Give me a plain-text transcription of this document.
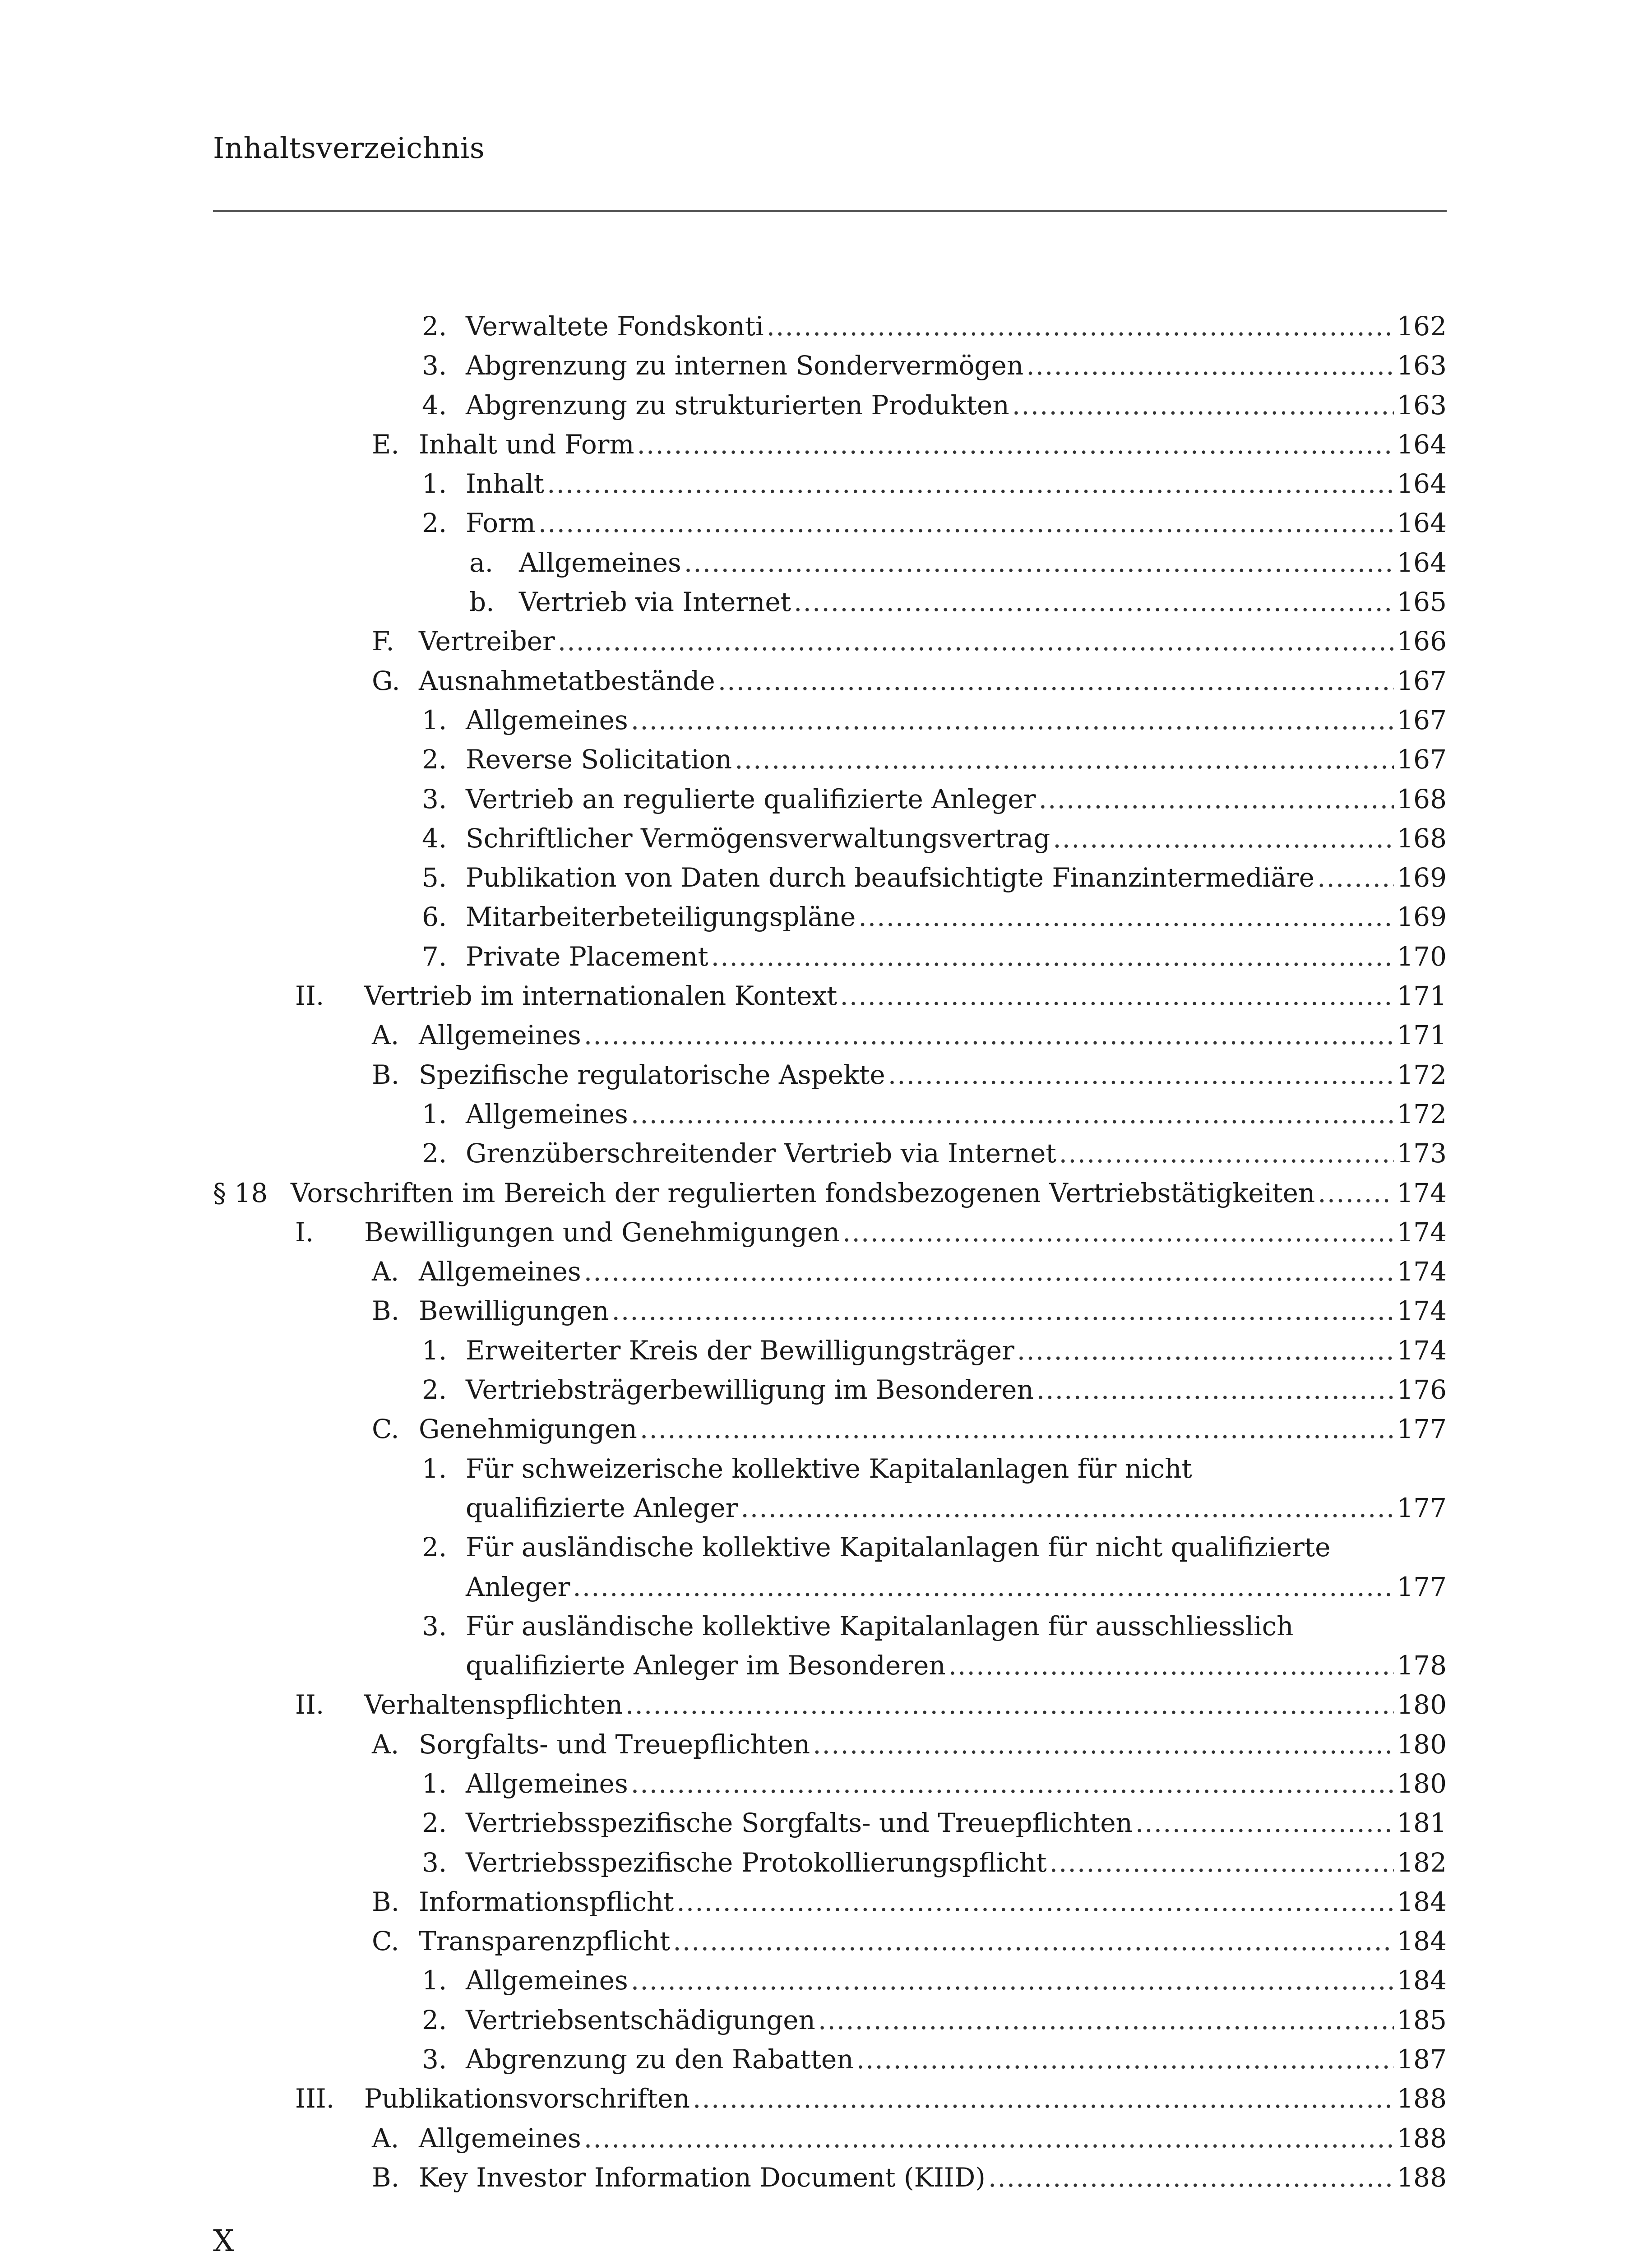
Inhaltsverzeichnis
2. Verwaltete Fondskonti .....	162
3. Abgrenzung zu internen Sondervermögen .....	163
4. Abgrenzung zu strukturierten Produkten .....	163
E. Inhalt und Form .....	164
1. Inhalt .....	164
2. Form .....	164
a. Allgemeines .....	164
b. Vertrieb via Internet .....	165
F. Vertreiber .....	166
G. Ausnahmetatbestände .....	167
1. Allgemeines .....	167
2. Reverse Solicitation .....	167
3. Vertrieb an regulierte qualifizierte Anleger .....	168
4. Schriftlicher Vermögensverwaltungsvertrag .....	168
5. Publikation von Daten durch beaufsichtigte Finanzintermediäre .....	169
6. Mitarbeiterbeteiligungspläne .....	169
7. Private Placement .....	170
II. Vertrieb im internationalen Kontext .....	171
A. Allgemeines .....	171
B. Spezifische regulatorische Aspekte .....	172
1. Allgemeines .....	172
2. Grenzüberschreitender Vertrieb via Internet .....	173
§ 18 Vorschriften im Bereich der regulierten fondsbezogenen Vertriebstätigkeiten .....	174
I. Bewilligungen und Genehmigungen .....	174
A. Allgemeines .....	174
B. Bewilligungen .....	174
1. Erweiterter Kreis der Bewilligungsträger .....	174
2. Vertriebsträgerbewilligung im Besonderen .....	176
C. Genehmigungen .....	177
1. Für schweizerische kollektive Kapitalanlagen für nicht
qualifizierte Anleger .....	177
2. Für ausländische kollektive Kapitalanlagen für nicht qualifizierte
Anleger .....	177
3. Für ausländische kollektive Kapitalanlagen für ausschliesslich
qualifizierte Anleger im Besonderen .....	178
II. Verhaltenspflichten .....	180
A. Sorgfalts- und Treuepflichten .....	180
1. Allgemeines .....	180
2. Vertriebsspezifische Sorgfalts- und Treuepflichten .....	181
3. Vertriebsspezifische Protokollierungspflicht .....	182
B. Informationspflicht .....	184
C. Transparenzpflicht .....	184
1. Allgemeines .....	184
2. Vertriebsentschädigungen .....	185
3. Abgrenzung zu den Rabatten .....	187
III. Publikationsvorschriften .....	188
A. Allgemeines .....	188
B. Key Investor Information Document (KIID) .....	188
X
